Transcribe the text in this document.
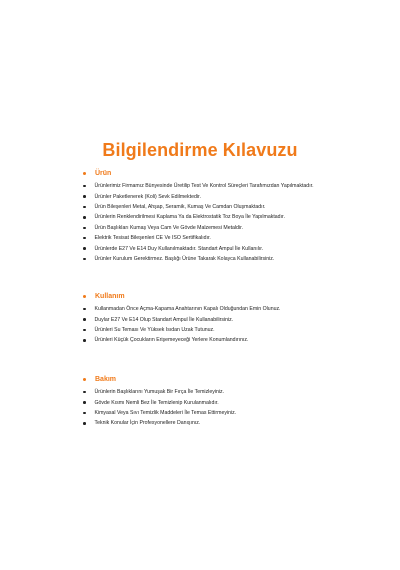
Bilgilendirme Kılavuzu
Ürün
Ürünlerimiz Firmamız Bünyesinde Üretilip Test Ve Kontrol Süreçleri Tarafımızdan Yapılmaktadır.
Ürünler Paketlenerek (Koli) Sevk Edilmektedir.
Ürün Bileşenleri Metal, Ahşap, Seramik, Kumaş Ve Camdan Oluşmaktadır.
Ürünlerin Renklendirilmesi Kaplama Ya da Elektrostatik Toz Boya İle Yapılmaktadır.
Ürün Başlıkları Kumaş Veya Cam Ve Gövde Malzemesi Metaldir.
Elektrik Tesisat Bileşenleri CE Ve ISO Sertifikalıdır.
Ürünlerde E27 Ve E14 Duy Kullanılmaktadır. Standart Ampul İle Kullanılır.
Ürünler Kurulum Gerektirmez. Başlığı Ürüne Takarak Kolayca Kullanabilirsiniz.
Kullanım
Kullanmadan Önce Açma-Kapama Anahtarının Kapalı Olduğundan Emin Olunuz.
Duylar E27 Ve E14 Olup Standart Ampul İle Kullanabilirsiniz.
Ürünleri Su Teması Ve Yüksek Isıdan Uzak Tutunuz.
Ürünleri Küçük Çocukların Erişemeyeceği Yerlere Konumlandırınız.
Bakım
Ürünlerin Başlıklarını Yumuşak Bir Fırça İle Temizleyiniz.
Gövde Kısmı Nemli Bez İle Temizlenip Kurulanmalıdır.
Kimyasal Veya Sıvı Temizlik Maddeleri İle Temas Ettirmeyiniz.
Teknik Konular İçin Profesyonellere Danışınız.
